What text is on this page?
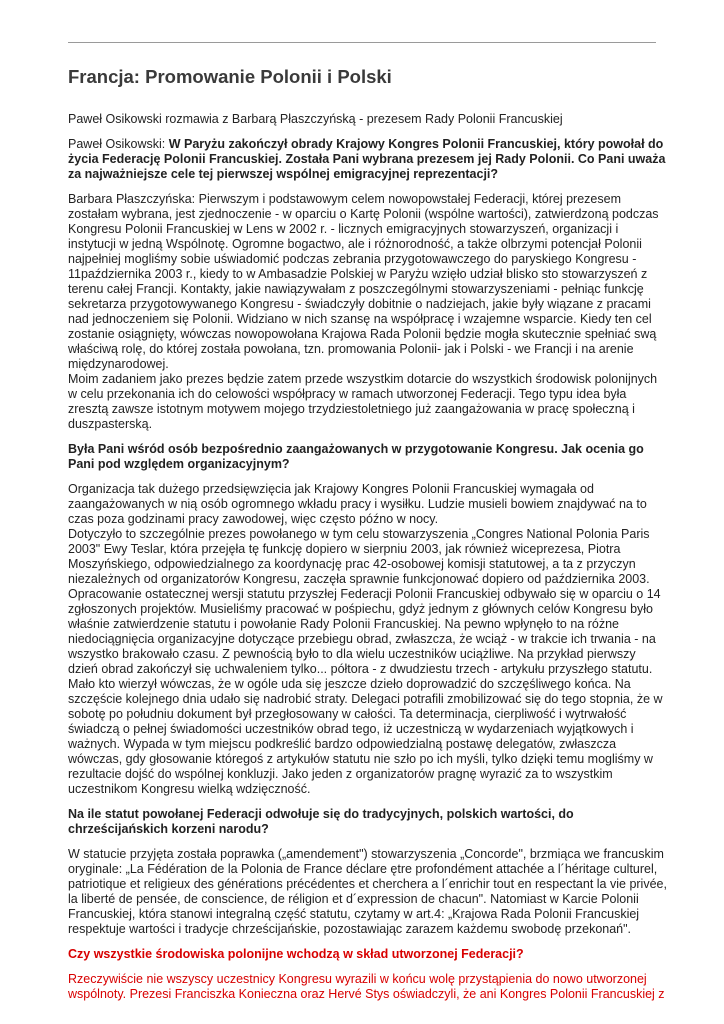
Francja: Promowanie Polonii i Polski

Paweł Osikowski rozmawia z Barbarą Płaszczyńską - prezesem Rady Polonii Francuskiej

Paweł Osikowski: W Paryżu zakończył obrady Krajowy Kongres Polonii Francuskiej, który powołał do życia Federację Polonii Francuskiej. Została Pani wybrana prezesem jej Rady Polonii. Co Pani uważa za najważniejsze cele tej pierwszej wspólnej emigracyjnej reprezentacji?

Barbara Płaszczyńska: Pierwszym i podstawowym celem nowopowstałej Federacji, której prezesem zostałam wybrana, jest zjednoczenie - w oparciu o Kartę Polonii (wspólne wartości), zatwierdzoną podczas Kongresu Polonii Francuskiej w Lens w 2002 r. - licznych emigracyjnych stowarzyszeń, organizacji i instytucji w jedną Wspólnotę. Ogromne bogactwo, ale i różnorodność, a także olbrzymi potencjał Polonii najpełniej mogliśmy sobie uświadomić podczas zebrania przygotowawczego do paryskiego Kongresu - 11października 2003 r., kiedy to w Ambasadzie Polskiej w Paryżu wzięło udział blisko sto stowarzyszeń z terenu całej Francji. Kontakty, jakie nawiązywałam z poszczególnymi stowarzyszeniami - pełniąc funkcję sekretarza przygotowywanego Kongresu - świadczyły dobitnie o nadziejach, jakie były wiązane z pracami nad jednoczeniem się Polonii. Widziano w nich szansę na współpracę i wzajemne wsparcie. Kiedy ten cel zostanie osiągnięty, wówczas nowopowołana Krajowa Rada Polonii będzie mogła skutecznie spełniać swą właściwą rolę, do której została powołana, tzn. promowania Polonii- jak i Polski - we Francji i na arenie międzynarodowej.

Moim zadaniem jako prezes będzie zatem przede wszystkim dotarcie do wszystkich środowisk polonijnych w celu przekonania ich do celowości współpracy w ramach utworzonej Federacji. Tego typu idea była zresztą zawsze istotnym motywem mojego trzydziestoletniego już zaangażowania w pracę społeczną i duszpasterską.

Była Pani wśród osób bezpośrednio zaangażowanych w przygotowanie Kongresu. Jak ocenia go Pani pod względem organizacyjnym?

Organizacja tak dużego przedsięwzięcia jak Krajowy Kongres Polonii Francuskiej wymagała od zaangażowanych w nią osób ogromnego wkładu pracy i wysiłku. Ludzie musieli bowiem znajdywać na to czas poza godzinami pracy zawodowej, więc często późno w nocy.

Dotyczyło to szczególnie prezes powołanego w tym celu stowarzyszenia „Congres National Polonia Paris 2003" Ewy Teslar, która przejęła tę funkcję dopiero w sierpniu 2003, jak również wiceprezesa, Piotra Moszyńskiego, odpowiedzialnego za koordynację prac 42-osobowej komisji statutowej, a ta z przyczyn niezależnych od organizatorów Kongresu, zaczęła sprawnie funkcjonować dopiero od października 2003. Opracowanie ostatecznej wersji statutu przyszłej Federacji Polonii Francuskiej odbywało się w oparciu o 14 zgłoszonych projektów. Musieliśmy pracować w pośpiechu, gdyż jednym z głównych celów Kongresu było właśnie zatwierdzenie statutu i powołanie Rady Polonii Francuskiej. Na pewno wpłynęło to na różne niedociągnięcia organizacyjne dotyczące przebiegu obrad, zwłaszcza, że wciąż - w trakcie ich trwania - na wszystko brakowało czasu. Z pewnością było to dla wielu uczestników uciążliwe. Na przykład pierwszy dzień obrad zakończył się uchwaleniem tylko... półtora - z dwudziestu trzech - artykułu przyszłego statutu. Mało kto wierzył wówczas, że w ogóle uda się jeszcze dzieło doprowadzić do szczęśliwego końca. Na szczęście kolejnego dnia udało się nadrobić straty. Delegaci potrafili zmobilizować się do tego stopnia, że w sobotę po południu dokument był przegłosowany w całości. Ta determinacja, cierpliwość i wytrwałość świadczą o pełnej świadomości uczestników obrad tego, iż uczestniczą w wydarzeniach wyjątkowych i ważnych. Wypada w tym miejscu podkreślić bardzo odpowiedzialną postawę delegatów, zwłaszcza wówczas, gdy głosowanie któregoś z artykułów statutu nie szło po ich myśli, tylko dzięki temu mogliśmy w rezultacie dojść do wspólnej konkluzji. Jako jeden z organizatorów pragnę wyrazić za to wszystkim uczestnikom Kongresu wielką wdzięczność.

Na ile statut powołanej Federacji odwołuje się do tradycyjnych, polskich wartości, do chrześcijańskich korzeni narodu?

W statucie przyjęta została poprawka („amendement") stowarzyszenia „Concorde", brzmiąca we francuskim oryginale: „La Fédération de la Polonia de France déclare ętre profondément attachée a l´héritage culturel, patriotique et religieux des générations précédentes et cherchera a l´enrichir tout en respectant la vie privée, la liberté de pensée, de conscience, de réligion et d´expression de chacun". Natomiast w Karcie Polonii Francuskiej, która stanowi integralną część statutu, czytamy w art.4: „Krajowa Rada Polonii Francuskiej respektuje wartości i tradycje chrześcijańskie, pozostawiając zarazem każdemu swobodę przekonań".

Czy wszystkie środowiska polonijne wchodzą w skład utworzonej Federacji?

Rzeczywiście nie wszyscy uczestnicy Kongresu wyrazili w końcu wolę przystąpienia do nowo utworzonej wspólnoty. Prezesi Franciszka Konieczna oraz Hervé Stys oświadczyli, że ani Kongres Polonii Francuskiej z
